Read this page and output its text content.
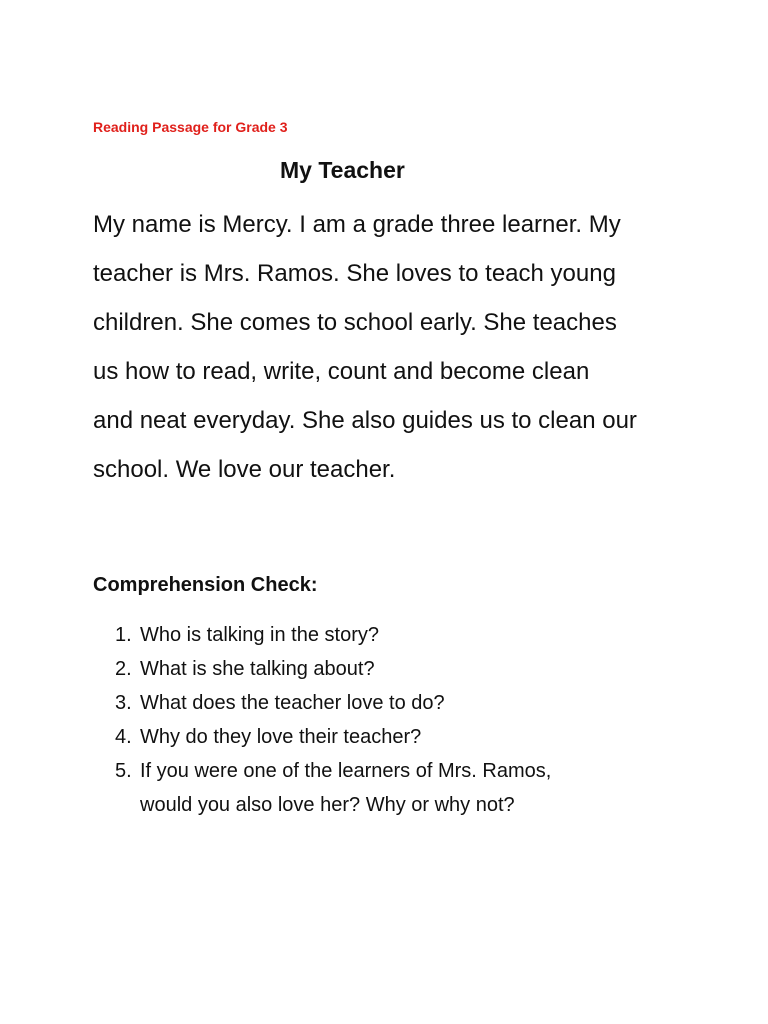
Reading Passage for Grade 3
My Teacher
My name is Mercy. I am a grade three learner. My
teacher is Mrs. Ramos. She loves to teach young
children. She comes to school early. She teaches
us how to read, write, count and become clean
and neat everyday. She also guides us to clean our
school. We love our teacher.
Comprehension Check:
1. Who is talking in the story?
2. What is she talking about?
3. What does the teacher love to do?
4. Why do they love their teacher?
5. If you were one of the learners of Mrs. Ramos,
would you also love her? Why or why not?
